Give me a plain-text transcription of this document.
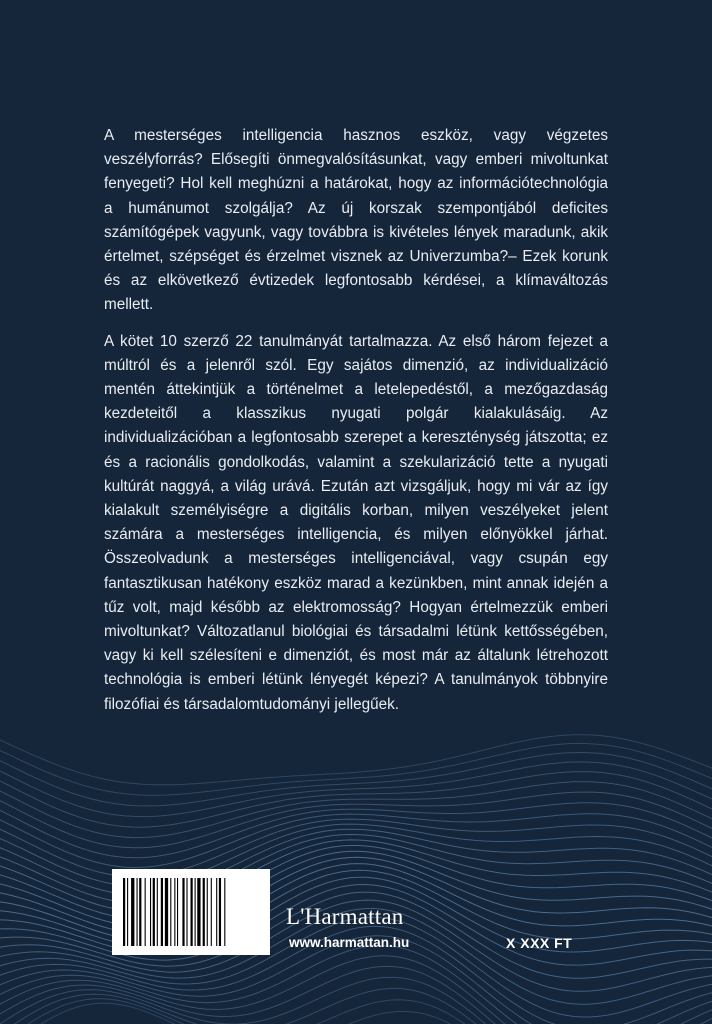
A mesterséges intelligencia hasznos eszköz, vagy végzetes veszélyforrás? Elősegíti önmegvalósításunkat, vagy emberi mivoltunkat fenyegeti? Hol kell meghúzni a határokat, hogy az információtechnológia a humánumot szolgálja? Az új korszak szempontjából deficites számítógépek vagyunk, vagy továbbra is kivételes lények maradunk, akik értelmet, szépséget és érzelmet visznek az Univerzumba?– Ezek korunk és az elkövetkező évtizedek legfontosabb kérdései, a klímaváltozás mellett.

A kötet 10 szerző 22 tanulmányát tartalmazza. Az első három fejezet a múltról és a jelenről szól. Egy sajátos dimenzió, az individualizáció mentén áttekintjük a történelmet a letelepedéstől, a mezőgazdaság kezdeteitől a klasszikus nyugati polgár kialakulásáig. Az individualizációban a legfontosabb szerepet a kereszténység játszotta; ez és a racionális gondolkodás, valamint a szekularizáció tette a nyugati kultúrát naggyá, a világ urává. Ezután azt vizsgáljuk, hogy mi vár az így kialakult személyiségre a digitális korban, milyen veszélyeket jelent számára a mesterséges intelligencia, és milyen előnyökkel járhat. Összeolvadunk a mesterséges intelligenciával, vagy csupán egy fantasztikusan hatékony eszköz marad a kezünkben, mint annak idején a tűz volt, majd később az elektromosság? Hogyan értelmezzük emberi mivoltunkat? Változatlanul biológiai és társadalmi létünk kettősségében, vagy ki kell szélesíteni e dimenziót, és most már az általunk létrehozott technológia is emberi létünk lényegét képezi? A tanulmányok többnyire filozófiai és társadalomtudományi jellegűek.

L'Harmattan
www.harmattan.hu	X XXX FT
